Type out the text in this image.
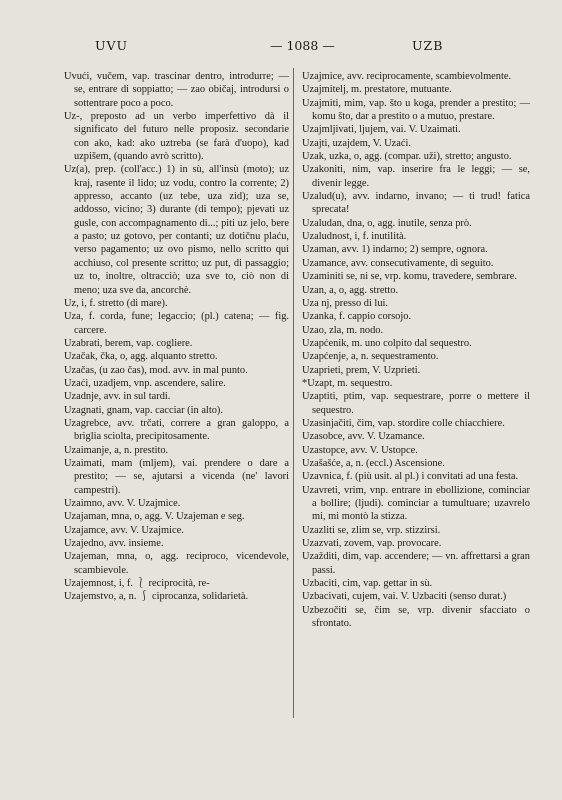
UVU	— 1088 —	UZB

Uvući, vučem, vap. trascinar dentro, introdurre; — se, entrare di soppiatto; — zao običaj, introdursi o sottentrare poco a poco.

Uz-, preposto ad un verbo imperfettivo dà il significato del futuro nelle proposiz. secondarie con ako, kad: ako uztreba (se farà d'uopo), kad uzpišem, (quando avrò scritto).

Uz(a), prep. (coll'acc.) 1) in sù, all'insù (moto); uz kraj, rasente il lido; uz vodu, contro la corrente; 2) appresso, accanto (uz tebe, uza zid); uza se, addosso, vicino; 3) durante (di tempo); pjevati uz gusle, con accompagnamento di...; piti uz jelo, bere a pasto; uz gotovo, per contanti; uz dotičnu plaću, verso pagamento; uz ovo pismo, nello scritto quì acchiuso, col presente scritto; uz put, di passaggio; uz to, inoltre, oltracciò; uza sve to, ciò non di meno; uza sve da, ancorchè.

Uz, i, f. stretto (di mare).

Uza, f. corda, fune; legaccio; (pl.) catena; — fig. carcere.

Uzabrati, berem, vap. cogliere.

Uzačak, čka, o, agg. alquanto stretto.

Uzačas, (u zao čas), mod. avv. in mal punto.

Uzaći, uzadjem, vnp. ascendere, salire.

Uzadnje, avv. in sul tardi.

Uzagnati, gnam, vap. cacciar (in alto).

Uzagrebce, avv. trčati, correre a gran galoppo, a briglia sciolta, precipitosamente.

Uzaimanje, a, n. prestito.

Uzaimati, mam (mljem), vai. prendere o dare a prestito; — se, ajutarsi a vicenda (ne' lavori campestri).

Uzaimno, avv. V. Uzajmice.

Uzajaman, mna, o, agg. V. Uzajeman e seg.

Uzajamce, avv. V. Uzajmice.

Uzajedno, avv. insieme.

Uzajeman, mna, o, agg. reciproco, vicendevole, scambievole.

Uzajemnost, i, f. ⎱ reciprocità, re-

Uzajemstvo, a, n. ⎰ ciprocanza, solidarietà.

Uzajmice, avv. reciprocamente, scambievolmente.

Uzajmitelj, m. prestatore, mutuante.

Uzajmiti, mim, vap. što u koga, prender a prestito; — komu što, dar a prestito o a mutuo, prestare.

Uzajmljivati, ljujem, vai. V. Uzaimati.

Uzajti, uzajdem, V. Uzaći.

Uzak, uzka, o, agg. (compar. uži), stretto; angusto.

Uzakoniti, nim, vap. inserire fra le leggi; — se, divenir legge.

Uzalud(u), avv. indarno, invano; — ti trud! fatica sprecata!

Uzaludan, dna, o, agg. inutile, senza prò.

Uzaludnost, i, f. inutilità.

Uzaman, avv. 1) indarno; 2) sempre, ognora.

Uzamance, avv. consecutivamente, di seguito.

Uzaminiti se, ni se, vrp. komu, travedere, sembrare.

Uzan, a, o, agg. stretto.

Uza nj, presso di lui.

Uzanka, f. cappio corsojo.

Uzao, zla, m. nodo.

Uzapćenik, m. uno colpito dal sequestro.

Uzapćenje, a, n. sequestramento.

Uzaprieti, prem, V. Uzprieti.

*Uzapt, m. sequestro.

Uzaptiti, ptim, vap. sequestrare, porre o mettere il sequestro.

Uzasinjačiti, čim, vap. stordire colle chiacchiere.

Uzasobce, avv. V. Uzamance.

Uzastopce, avv. V. Ustopce.

Uzašašće, a, n. (eccl.) Ascensione.

Uzavnica, f. (più usit. al pl.) i convitati ad una festa.

Uzavreti, vrim, vnp. entrare in ebollizione, cominciar a bollire; (ljudi). cominciar a tumultuare; uzavrelo mi, mi montò la stizza.

Uzazliti se, zlim se, vrp. stizzirsi.

Uzazvati, zovem, vap. provocare.

Uzažditi, dim, vap. accendere; — vn. affrettarsi a gran passi.

Uzbaciti, cim, vap. gettar in sù.

Uzbacivati, cujem, vai. V. Uzbaciti (senso durat.)

Uzbezočiti se, čim se, vrp. divenir sfacciato o sfrontato.
